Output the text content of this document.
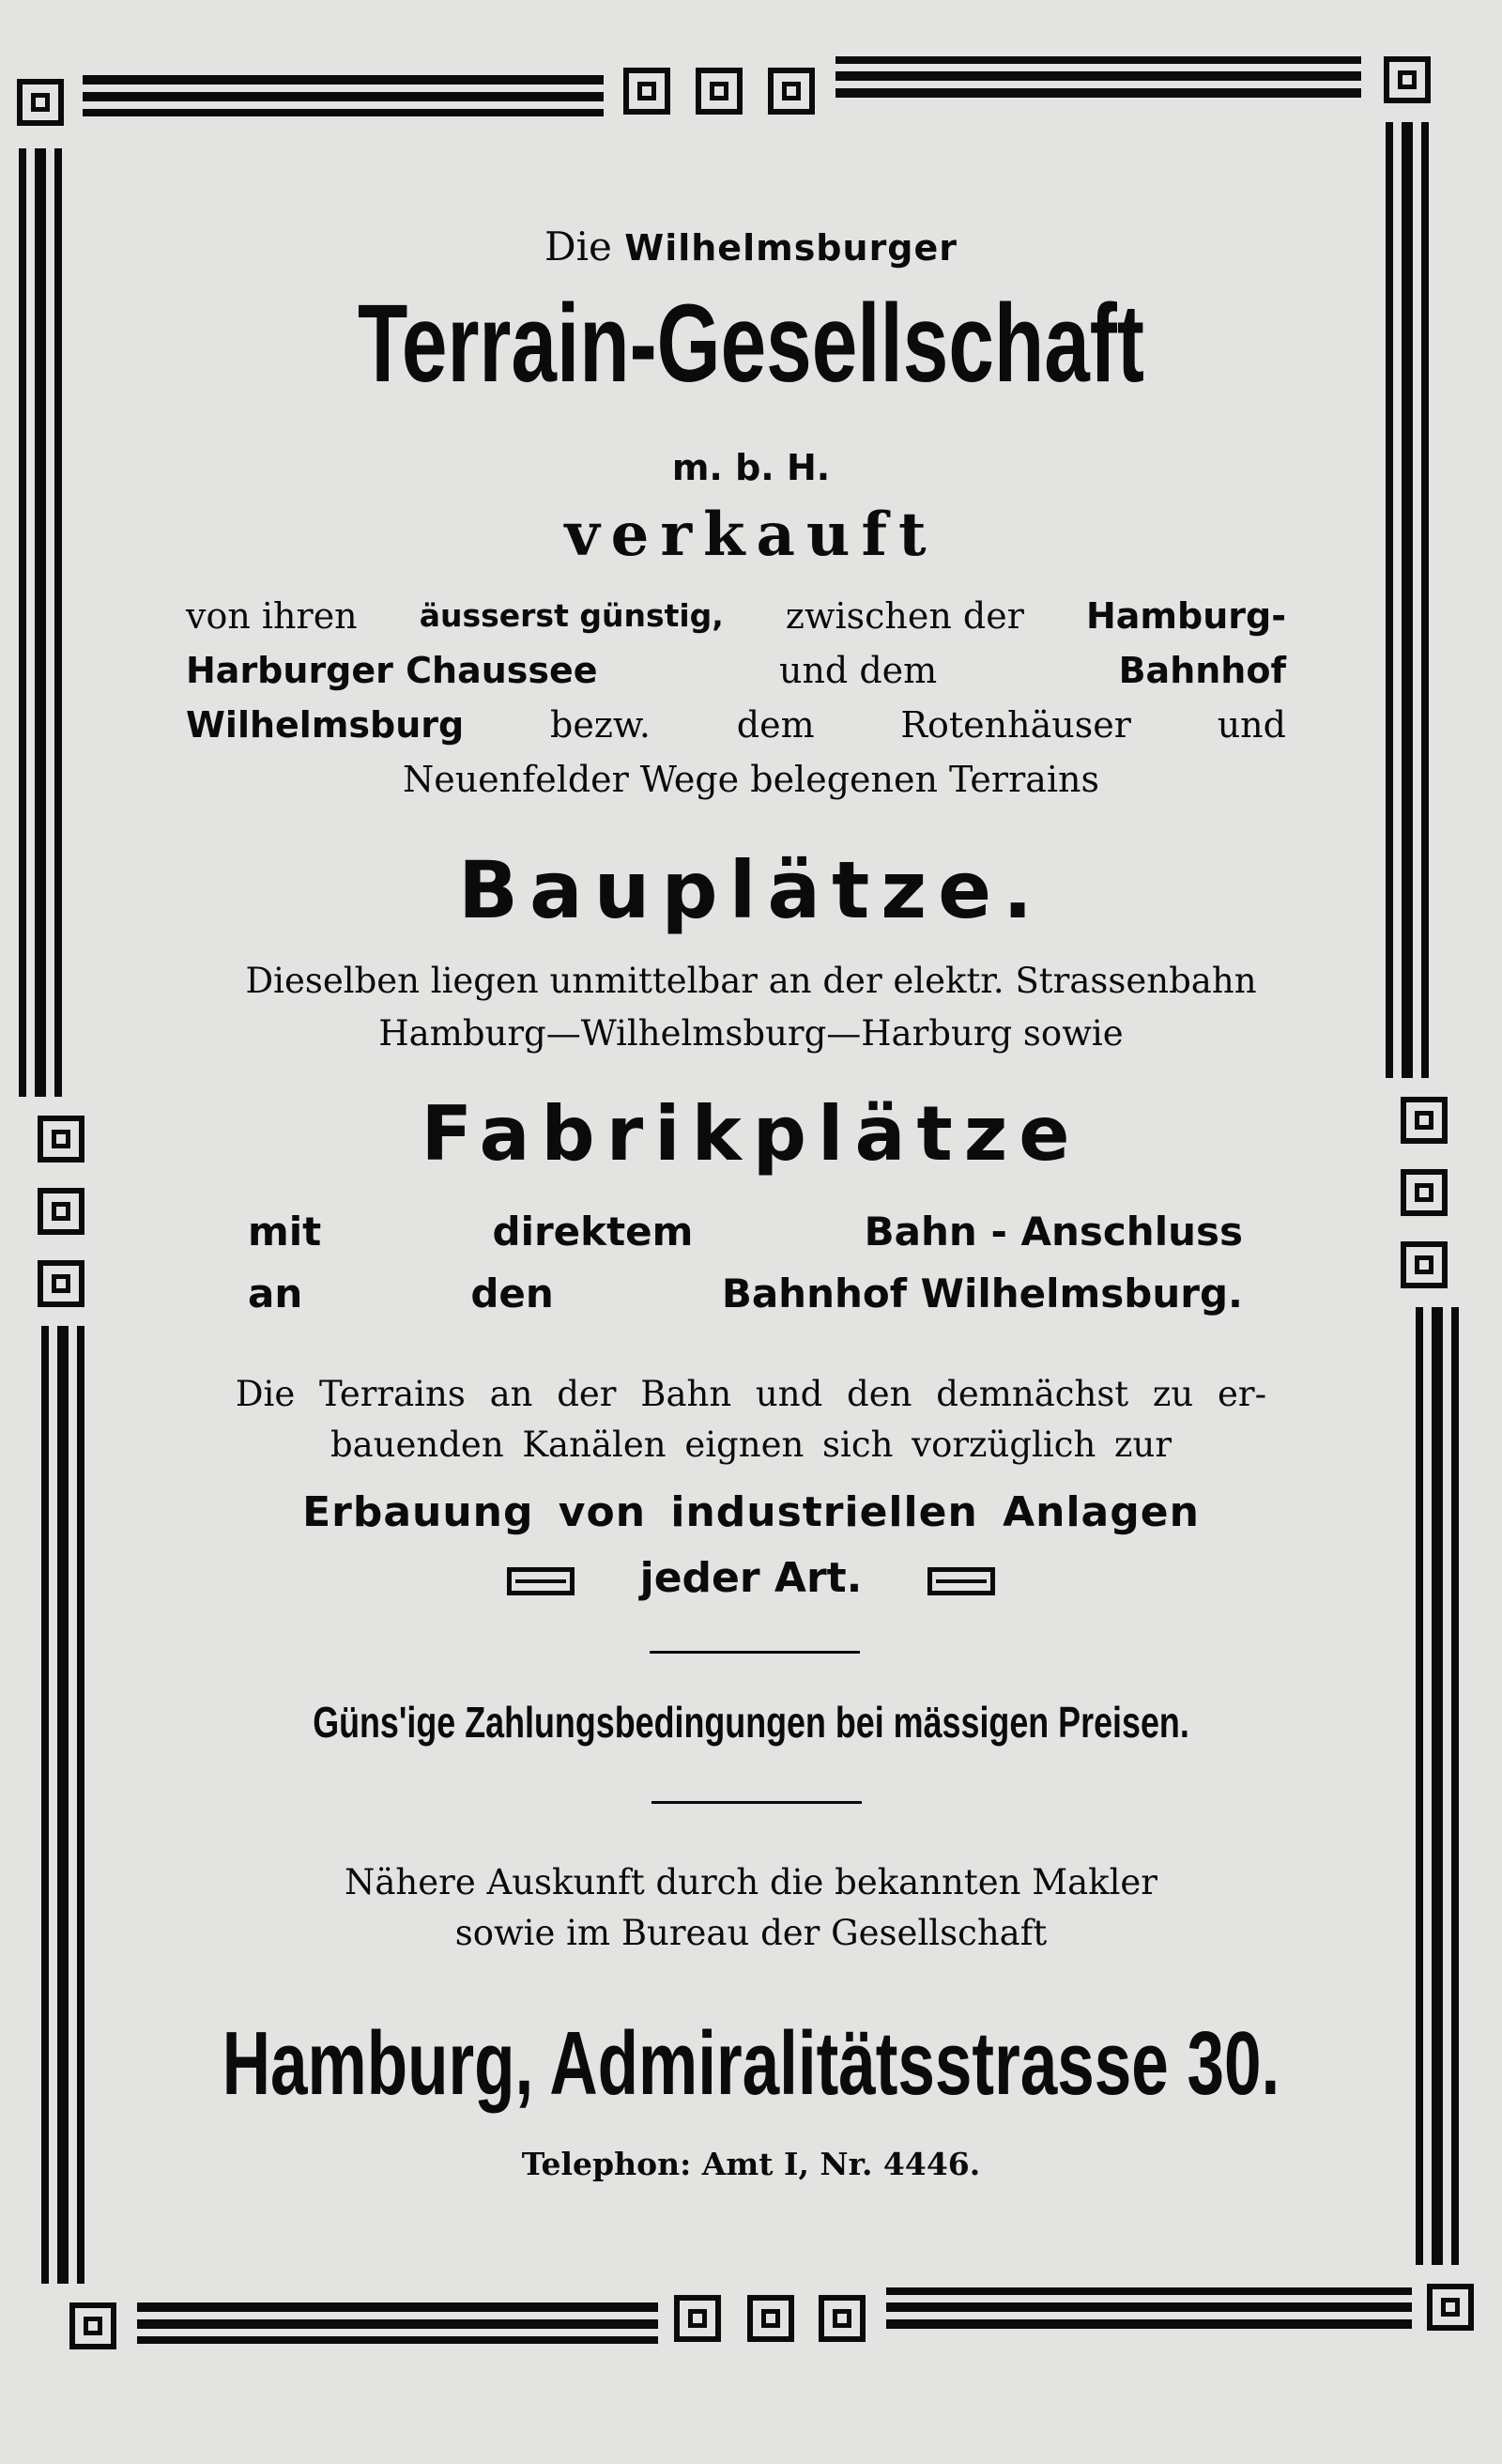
Die Wilhelmsburger
Terrain-Gesellschaft
m. b. H.
verkauft
von ihren äusserst günstig, zwischen der Hamburg-
Harburger Chaussee	und dem	Bahnhof
Wilhelmsburg bezw. dem Rotenhäuser und
Neuenfelder Wege belegenen Terrains
Bauplätze.
Dieselben liegen unmittelbar an der elektr. Strassenbahn
Hamburg—Wilhelmsburg—Harburg sowie
Fabrikplätze
mit	direktem	Bahn - Anschluss
an	den	Bahnhof Wilhelmsburg.
Die Terrains an der Bahn und den demnächst zu er-
bauenden Kanälen eignen sich vorzüglich zur
Erbauung von industriellen Anlagen
jeder Art.
Güns'ige Zahlungsbedingungen bei mässigen Preisen.
Nähere Auskunft durch die bekannten Makler
sowie im Bureau der Gesellschaft
Hamburg, Admiralitätsstrasse 30.
Telephon: Amt I, Nr. 4446.
